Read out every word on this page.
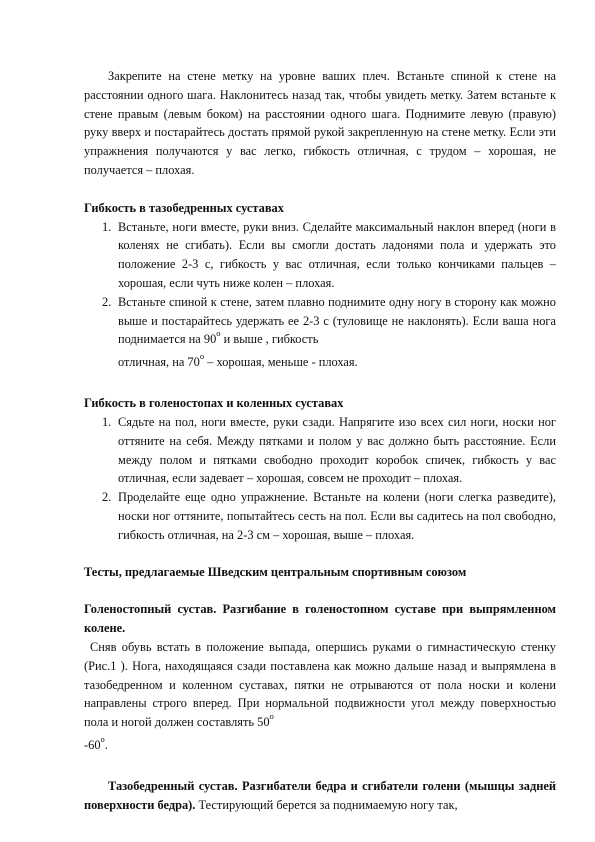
Закрепите на стене метку на уровне ваших плеч. Встаньте спиной к стене на расстоянии одного шага. Наклонитесь назад так, чтобы увидеть метку. Затем встаньте к стене правым (левым боком) на расстоянии одного шага. Поднимите левую (правую) руку вверх и постарайтесь достать прямой рукой закрепленную на стене метку. Если эти упражнения получаются у вас легко, гибкость отличная, с трудом – хорошая, не получается – плохая.

Гибкость в тазобедренных суставах

1. Встаньте, ноги вместе, руки вниз. Сделайте максимальный наклон вперед (ноги в коленях не сгибать). Если вы смогли достать ладонями пола и удержать это положение 2-3 с, гибкость у вас отличная, если только кончиками пальцев – хорошая, если чуть ниже колен – плохая.
2. Встаньте спиной к стене, затем плавно поднимите одну ногу в сторону как можно выше и постарайтесь удержать ее 2-3 с (туловище не наклонять). Если ваша нога поднимается на $90^о$ и выше , гибкость
отличная, на $70^о$ – хорошая, меньше - плохая.

Гибкость в голеностопах и коленных суставах

1. Сядьте на пол, ноги вместе, руки сзади. Напрягите изо всех сил ноги, носки ног оттяните на себя. Между пятками и полом у вас должно быть расстояние. Если между полом и пятками свободно проходит коробок спичек, гибкость у вас отличная, если задевает – хорошая, совсем не проходит – плохая.
2. Проделайте еще одно упражнение. Встаньте на колени (ноги слегка разведите), носки ног оттяните, попытайтесь сесть на пол. Если вы садитесь на пол свободно, гибкость отличная, на 2-3 см – хорошая, выше – плохая.

Тесты, предлагаемые Шведским центральным спортивным союзом

Голеностопный сустав. Разгибание в голеностопном суставе при выпрямленном колене.

Сняв обувь встать в положение выпада, опершись руками о гимнастическую стенку (Рис.1 ). Нога, находящаяся сзади поставлена как можно дальше назад и выпрямлена в тазобедренном и коленном суставах, пятки не отрываются от пола носки и колени направлены строго вперед. При нормальной подвижности угол между поверхностью пола и ногой должен составлять $50^о$

$-60^о$.

Тазобедренный сустав. Разгибатели бедра и сгибатели голени (мышцы задней поверхности бедра). Тестирующий берется за поднимаемую ногу так,
